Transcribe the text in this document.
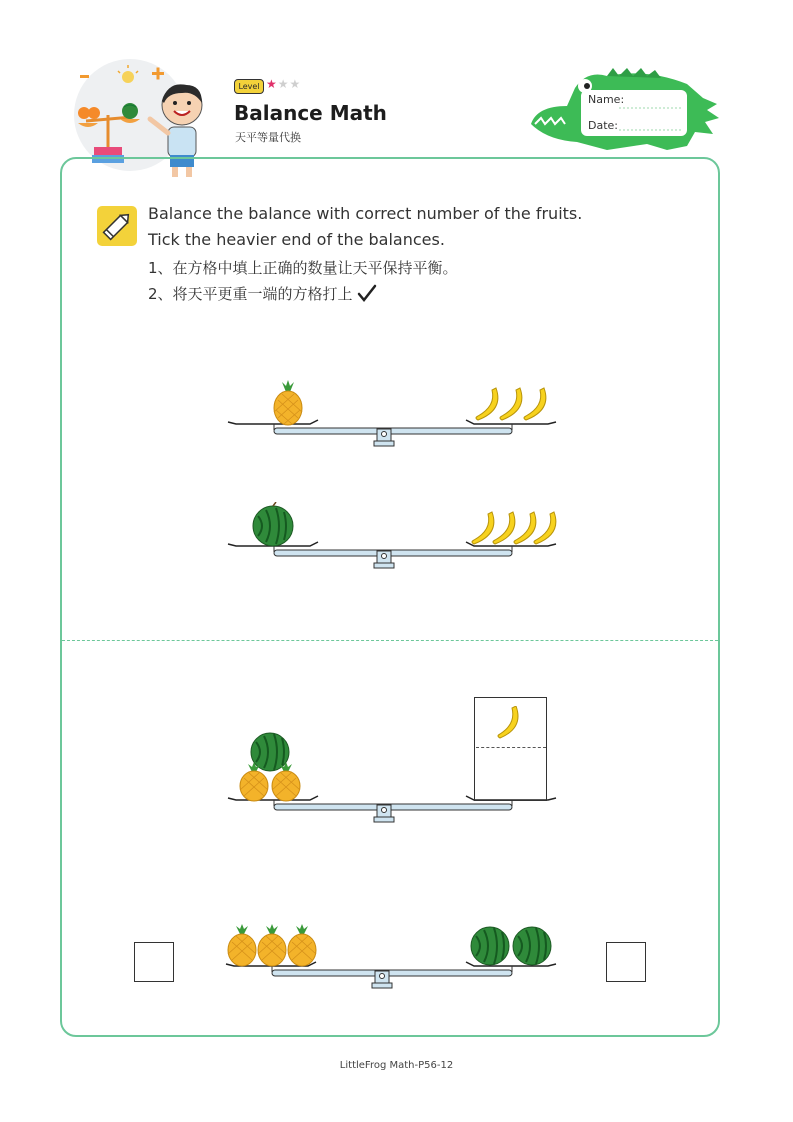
Level ★★★
Balance Math
天平等量代换
Name:
Date:
Balance the balance with correct number of the fruits.
Tick the heavier end of the balances.
1、在方格中填上正确的数量让天平保持平衡。
2、将天平更重一端的方格打上
LittleFrog Math-P56-12
